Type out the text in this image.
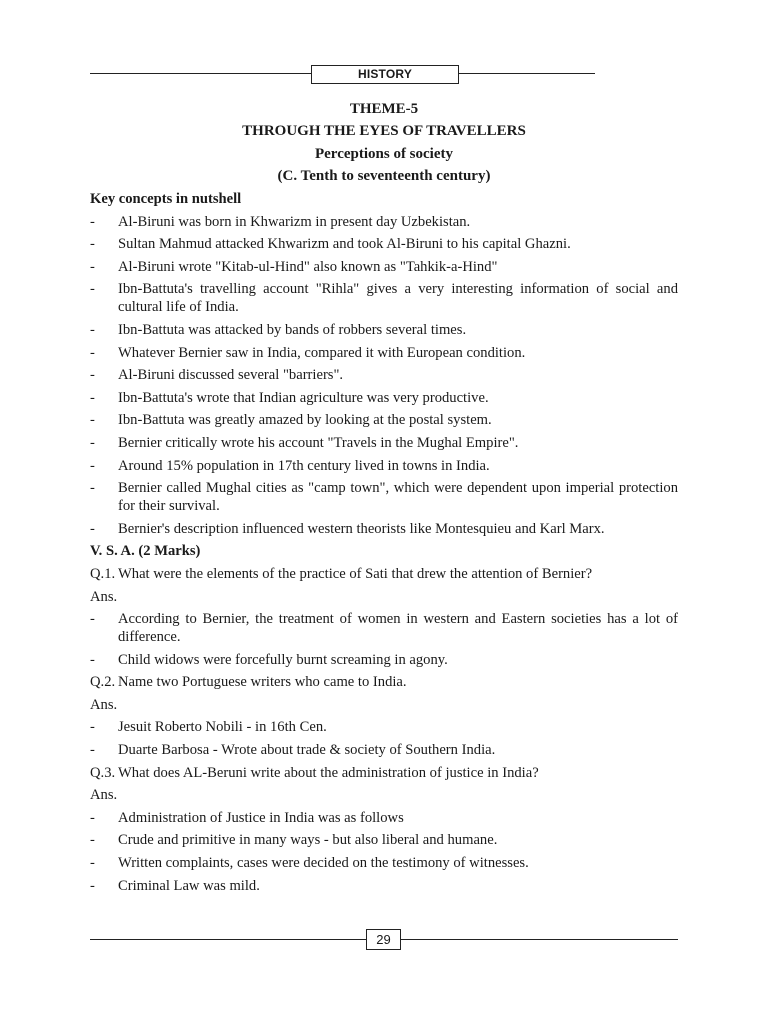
HISTORY
THEME-5
THROUGH THE EYES OF TRAVELLERS
Perceptions of society
(C. Tenth to seventeenth century)
Key concepts in nutshell
- Al-Biruni was born in Khwarizm in present day Uzbekistan.
- Sultan Mahmud attacked Khwarizm and took Al-Biruni to his capital Ghazni.
- Al-Biruni wrote "Kitab-ul-Hind" also known as "Tahkik-a-Hind"
- Ibn-Battuta's travelling account "Rihla" gives a very interesting information of social and cultural life of India.
- Ibn-Battuta was attacked by bands of robbers several times.
- Whatever Bernier saw in India, compared it with European condition.
- Al-Biruni discussed several "barriers".
- Ibn-Battuta's wrote that Indian agriculture was very productive.
- Ibn-Battuta was greatly amazed by looking at the postal system.
- Bernier critically wrote his account "Travels in the Mughal Empire".
- Around 15% population in 17th century lived in towns in India.
- Bernier called Mughal cities as "camp town", which were dependent upon imperial protection for their survival.
- Bernier's description influenced western theorists like Montesquieu and Karl Marx.
V. S. A. (2 Marks)
Q.1. What were the elements of the practice of Sati that drew the attention of Bernier?
Ans.
- According to Bernier, the treatment of women in western and Eastern societies has a lot of difference.
- Child widows were forcefully burnt screaming in agony.
Q.2. Name two Portuguese writers who came to India.
Ans.
- Jesuit Roberto Nobili - in 16th Cen.
- Duarte Barbosa - Wrote about trade & society of Southern India.
Q.3. What does AL-Beruni write about the administration of justice in India?
Ans.
- Administration of Justice in India was as follows
- Crude and primitive in many ways - but also liberal and humane.
- Written complaints, cases were decided on the testimony of witnesses.
- Criminal Law was mild.
29
